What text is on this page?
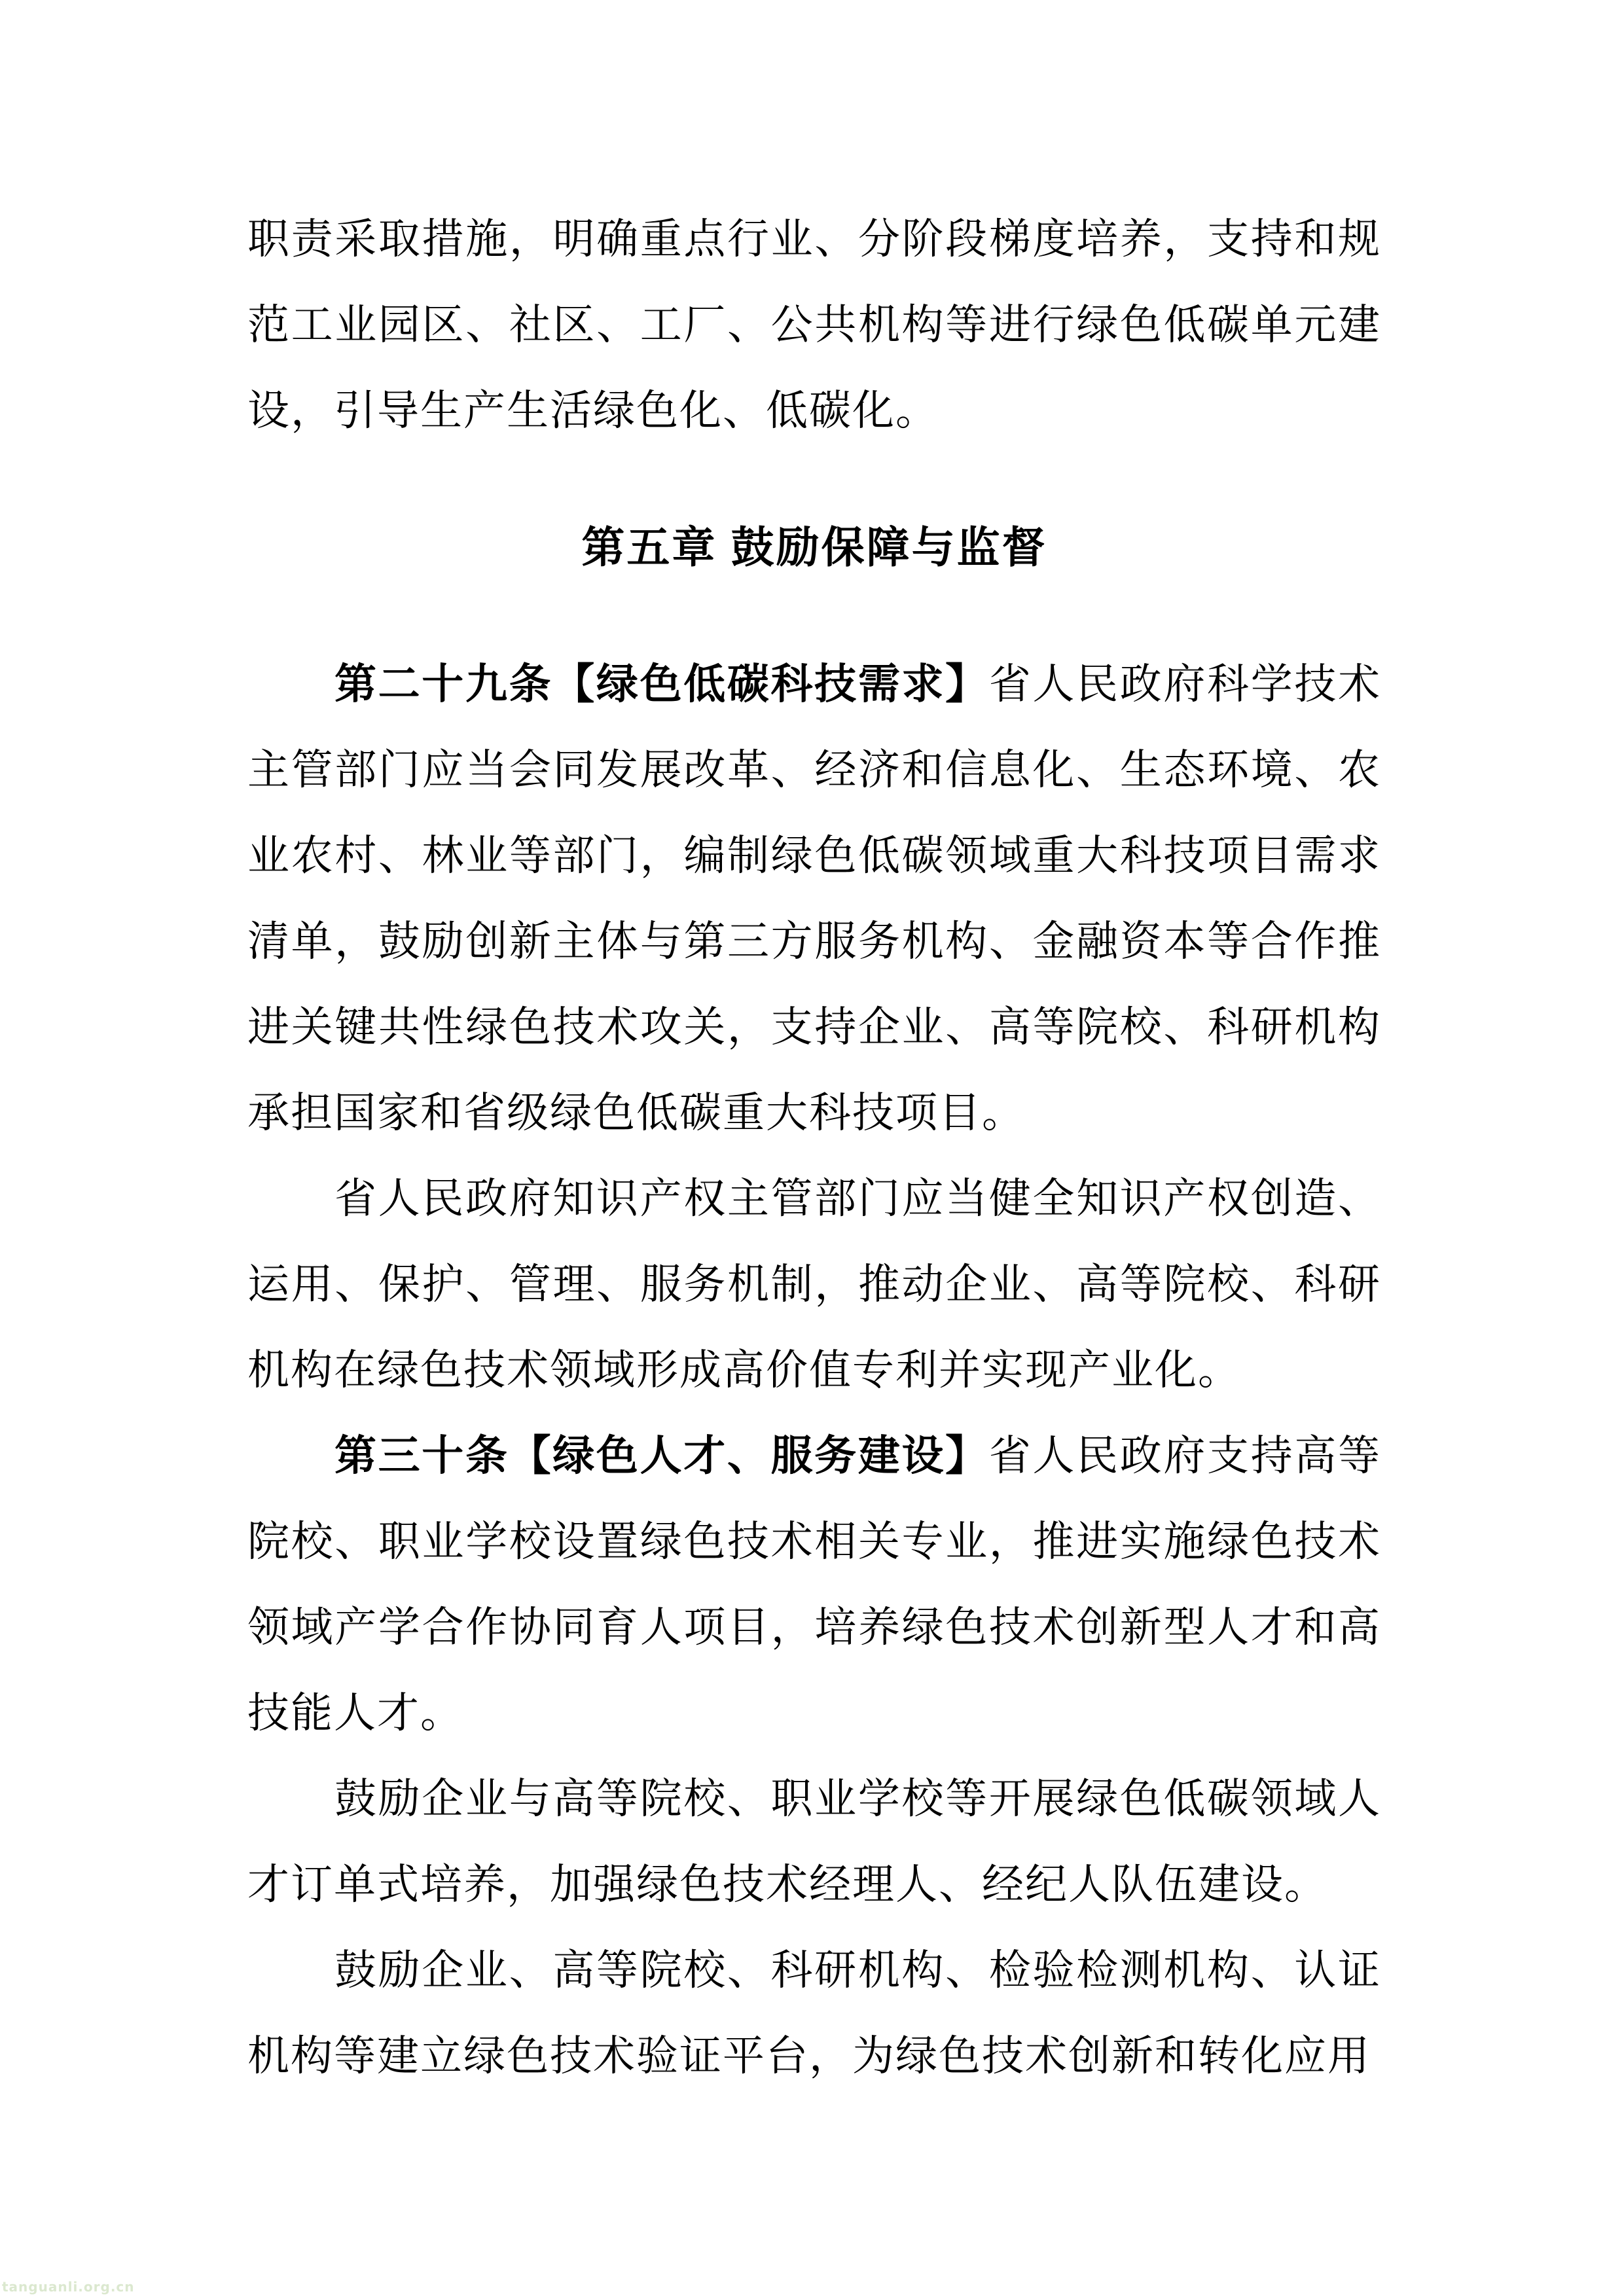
职责采取措施，明确重点行业、分阶段梯度培养，支持和规范工业园区、社区、工厂、公共机构等进行绿色低碳单元建设，引导生产生活绿色化、低碳化。

第五章 鼓励保障与监督

第二十九条【绿色低碳科技需求】省人民政府科学技术主管部门应当会同发展改革、经济和信息化、生态环境、农业农村、林业等部门，编制绿色低碳领域重大科技项目需求清单，鼓励创新主体与第三方服务机构、金融资本等合作推进关键共性绿色技术攻关，支持企业、高等院校、科研机构承担国家和省级绿色低碳重大科技项目。

省人民政府知识产权主管部门应当健全知识产权创造、运用、保护、管理、服务机制，推动企业、高等院校、科研机构在绿色技术领域形成高价值专利并实现产业化。

第三十条【绿色人才、服务建设】省人民政府支持高等院校、职业学校设置绿色技术相关专业，推进实施绿色技术领域产学合作协同育人项目，培养绿色技术创新型人才和高技能人才。

鼓励企业与高等院校、职业学校等开展绿色低碳领域人才订单式培养，加强绿色技术经理人、经纪人队伍建设。

鼓励企业、高等院校、科研机构、检验检测机构、认证机构等建立绿色技术验证平台，为绿色技术创新和转化应用

tanguanli.org.cn
